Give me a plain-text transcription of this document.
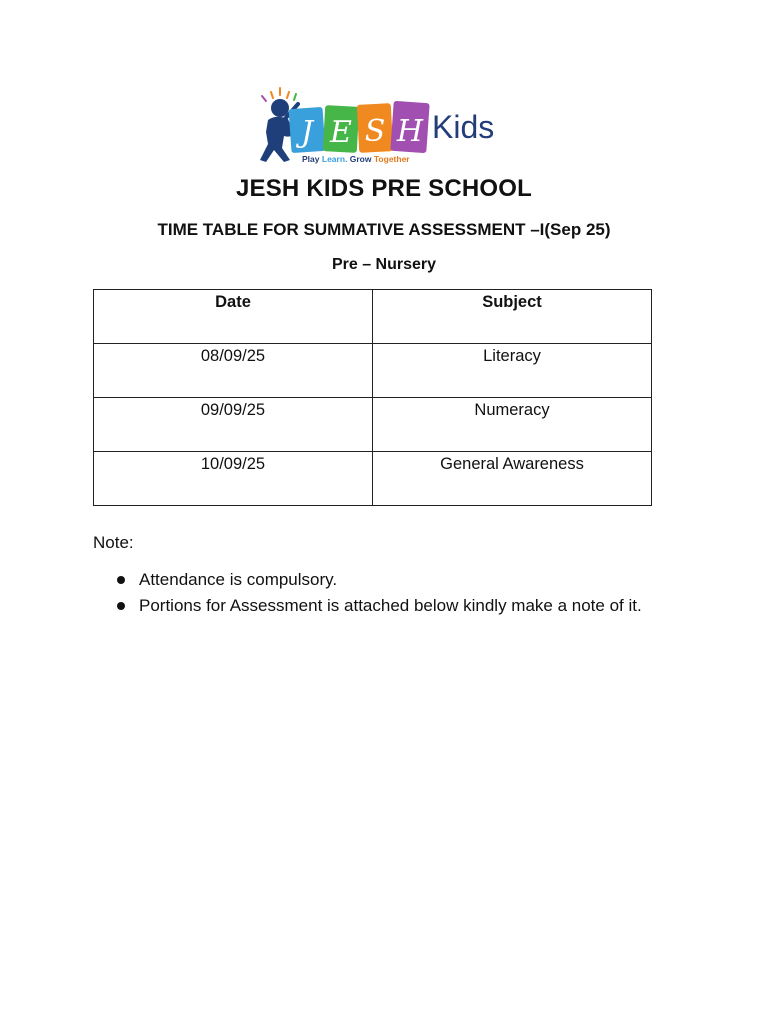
J E S H Kids
Play Learn. Grow Together
JESH KIDS PRE SCHOOL
TIME TABLE FOR SUMMATIVE ASSESSMENT –I(Sep 25)
Pre – Nursery
Date	Subject
08/09/25	Literacy
09/09/25	Numeracy
10/09/25	General Awareness
Note:
Attendance is compulsory.
Portions for Assessment is attached below kindly make a note of it.
